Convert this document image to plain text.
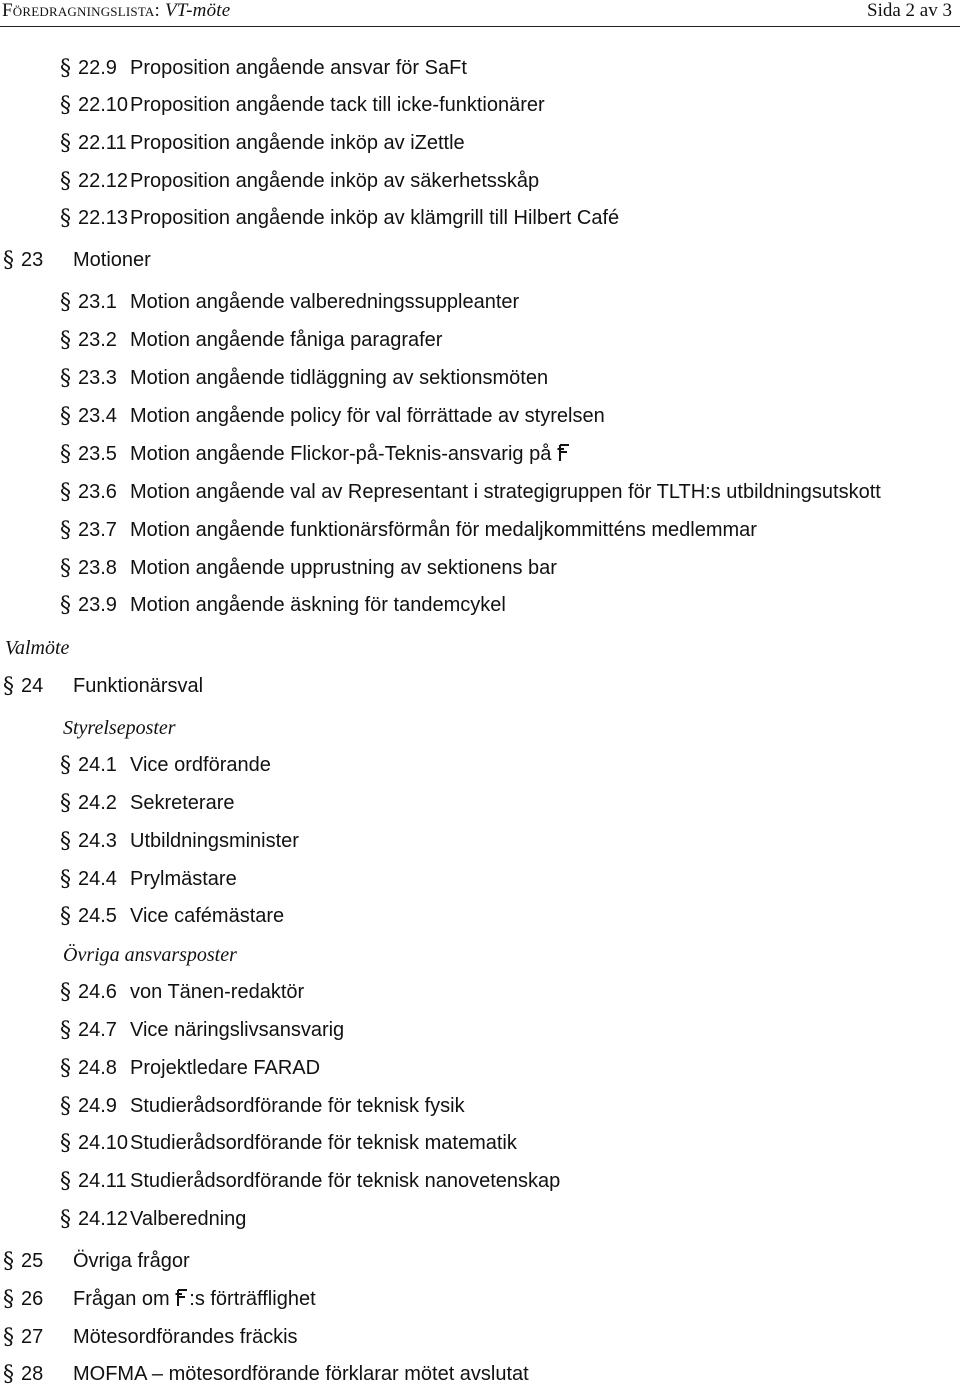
Föredragningslista: VT-möte	Sida 2 av 3
§ 22.9 Proposition angående ansvar för SaFt
§ 22.10 Proposition angående tack till icke-funktionärer
§ 22.11 Proposition angående inköp av iZettle
§ 22.12 Proposition angående inköp av säkerhetsskåp
§ 22.13 Proposition angående inköp av klämgrill till Hilbert Café
§ 23	Motioner
§ 23.1 Motion angående valberedningssuppleanter
§ 23.2 Motion angående fåniga paragrafer
§ 23.3 Motion angående tidläggning av sektionsmöten
§ 23.4 Motion angående policy för val förrättade av styrelsen
§ 23.5 Motion angående Flickor-på-Teknis-ansvarig på
§ 23.6 Motion angående val av Representant i strategigruppen för TLTH:s utbildningsutskott
§ 23.7 Motion angående funktionärsförmån för medaljkommitténs medlemmar
§ 23.8 Motion angående upprustning av sektionens bar
§ 23.9 Motion angående äskning för tandemcykel
Valmöte
§ 24	Funktionärsval
Styrelseposter
§ 24.1 Vice ordförande
§ 24.2 Sekreterare
§ 24.3 Utbildningsminister
§ 24.4 Prylmästare
§ 24.5 Vice cafémästare
Övriga ansvarsposter
§ 24.6 von Tänen-redaktör
§ 24.7 Vice näringslivsansvarig
§ 24.8 Projektledare FARAD
§ 24.9 Studierådsordförande för teknisk fysik
§ 24.10 Studierådsordförande för teknisk matematik
§ 24.11 Studierådsordförande för teknisk nanovetenskap
§ 24.12 Valberedning
§ 25	Övriga frågor
§ 26	Frågan om :s förträfflighet
§ 27	Mötesordförandes fräckis
§ 28	MOFMA – mötesordförande förklarar mötet avslutat
